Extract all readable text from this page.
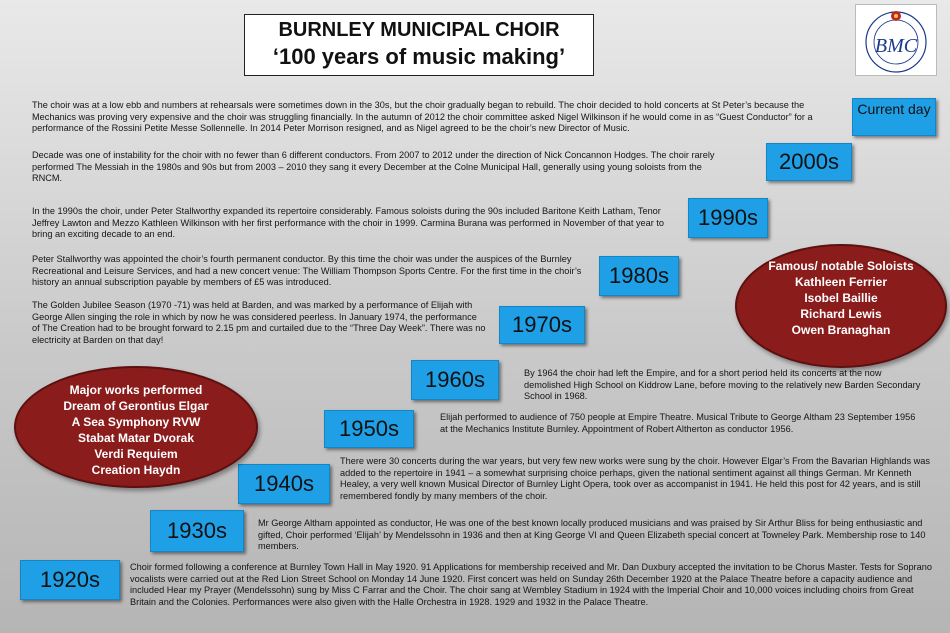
BURNLEY MUNICIPAL CHOIR
‘100 years of music making’	BMC
Current day
2000s
1990s
1980s
1970s
1960s
1950s
1940s
1930s
1920s
The choir was at a low ebb and numbers at rehearsals were sometimes down in the 30s, but the choir gradually began to rebuild. The choir decided to hold concerts at St Peter’s because the Mechanics was proving very expensive and the choir was struggling financially. In the autumn of 2012 the choir committee asked Nigel Wilkinson if he would come in as “Guest Conductor” for a performance of the Rossini Petite Messe Sollennelle. In 2014 Peter Morrison resigned, and as Nigel agreed to be the choir’s new Director of Music.
Decade was one of instability for the choir with no fewer than 6 different conductors. From 2007 to 2012 under the direction of Nick Concannon Hodges. The choir rarely performed The Messiah in the 1980s and 90s but from 2003 – 2010 they sang it every December at the Colne Municipal Hall, generally using young soloists from the RNCM.
In the 1990s the choir, under Peter Stallworthy expanded its repertoire considerably. Famous soloists during the 90s included Baritone Keith Latham, Tenor Jeffrey Lawton and Mezzo Kathleen Wilkinson with her first performance with the choir in 1999. Carmina Burana was performed in November of that year to bring an exciting decade to an end.
Peter Stallworthy was appointed the choir’s fourth permanent conductor. By this time the choir was under the auspices of the Burnley Recreational and Leisure Services, and had a new concert venue: The William Thompson Sports Centre. For the first time in the choir’s history an annual subscription payable by members of £5 was introduced.
The Golden Jubilee Season (1970 -71) was held at Barden, and was marked by a performance of Elijah with George Allen singing the role in which by now he was considered peerless. In January 1974, the performance of The Creation had to be brought forward to 2.15 pm and curtailed due to the “Three Day Week”. There was no electricity at Barden on that day!
By 1964 the choir had left the Empire, and for a short period held its concerts at the now demolished High School on Kiddrow Lane, before moving to the relatively new Barden Secondary School in 1968.
Elijah performed to audience of 750 people at Empire Theatre. Musical Tribute to George Altham 23 September 1956 at the Mechanics Institute Burnley. Appointment of Robert Altherton as conductor 1956.
There were 30 concerts during the war years, but very few new works were sung by the choir. However Elgar’s From the Bavarian Highlands was added to the repertoire in 1941 – a somewhat surprising choice perhaps, given the national sentiment against all things German. Mr Kenneth Healey, a very well known Musical Director of Burnley Light Opera, took over as accompanist in 1941. He held this post for 42 years, and is still remembered fondly by many members of the choir.
Mr George Altham appointed as conductor, He was one of the best known locally produced musicians and was praised by Sir Arthur Bliss for being enthusiastic and gifted, Choir performed ‘Elijah’ by Mendelssohn in 1936 and then at King George VI and Queen Elizabeth special concert at Towneley Park. Membership rose to 140 members.
Choir formed following a conference at Burnley Town Hall in May 1920. 91 Applications for membership received and Mr. Dan Duxbury accepted the invitation to be Chorus Master. Tests for Soprano vocalists were carried out at the Red Lion Street School on Monday 14 June 1920. First concert was held on Sunday 26th December 1920 at the Palace Theatre before a capacity audience and included Hear my Prayer (Mendelssohn) sung by Miss C Farrar and the Choir. The choir sang at Wembley Stadium in 1924 with the Imperial Choir and 10,000 voices including choirs from Great Britain and the Colonies. Performances were also given with the Halle Orchestra in 1928. 1929 and 1932 in the Palace Theatre.
Famous/ notable Soloists
Kathleen Ferrier
Isobel Baillie
Richard Lewis
Owen Branaghan
Major works performed
Dream of Gerontius Elgar
A Sea Symphony RVW
Stabat Matar Dvorak
Verdi Requiem
Creation Haydn
